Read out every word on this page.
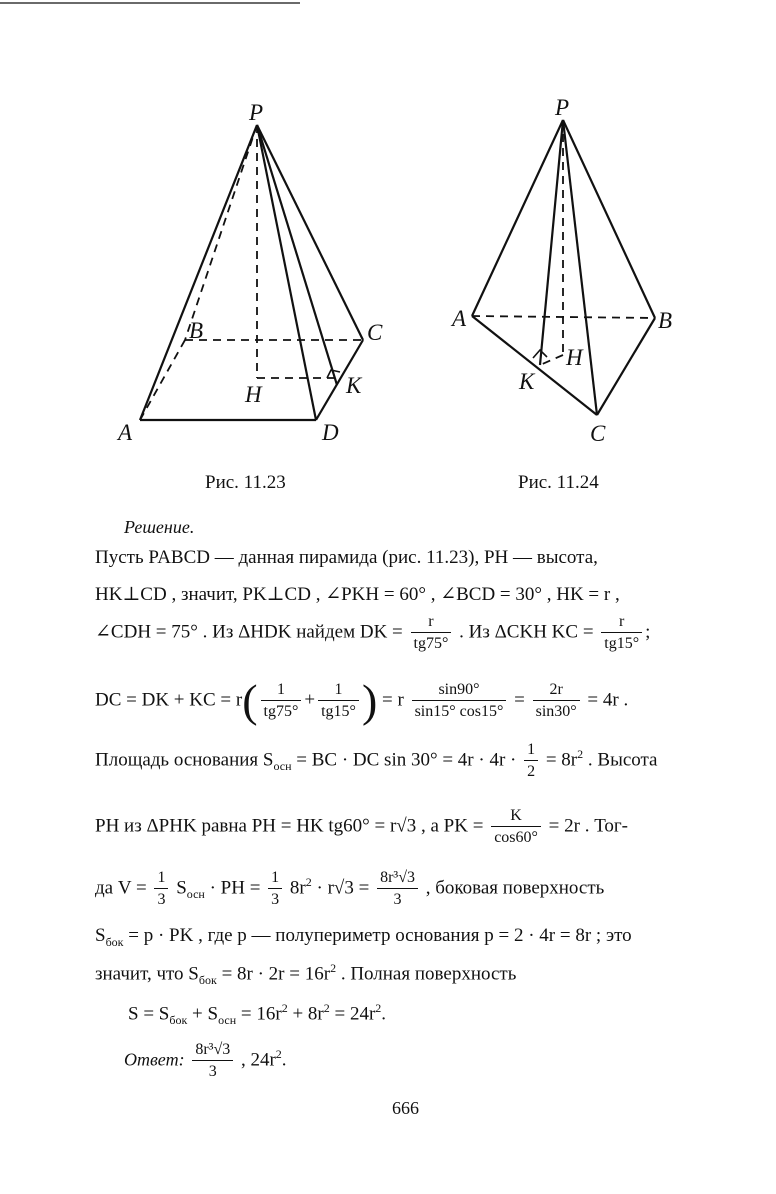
P
B	C
H	K
A	D
P
A	B
H
K
C
Рис. 11.23	Рис. 11.24
Решение.
Пусть PABCD — данная пирамида (рис. 11.23), PH — высота,
HK⊥CD , значит, PK⊥CD , ∠PKH = 60° , ∠BCD = 30° , HK = r ,
∠CDH = 75° . Из ΔHDK найдем DK = $\frac{r}{tg75^\circ}$ . Из ΔCKH KC = $\frac{r}{tg15^\circ}$ ;
DC = DK + KC = $r( \frac{1}{tg75^\circ} + \frac{1}{tg15^\circ}$ ) = r $\frac{\sin 90^\circ}{\sin 15^\circ \cos 15^\circ} = \frac{2r}{\sin 30^\circ} = 4r$ .
Площадь основания $S_{осн}$ = BC · DC $\sin 30^\circ = 4r \cdot 4r \cdot \frac{1}{2} = 8r^2$ . Высота
PH из ΔPHK равна PH = HK tg60° = r√3 , а PK = $\frac{K}{\cos 60^\circ} = 2r$ . Тог-
да $V = \frac{1}{3} S_{осн}$ · PH = $\frac{1}{3} 8r^2 \cdot r√3 = \frac{\text{8r³√3}}{3}$ , боковая поверхность
$S_{бок} = p$ · PK , где p — полупериметр основания p = 2 · 4r = 8r ; это
значит, что $S_{бок} = 8r \cdot 2r = 16r^2$ . Полная поверхность
$S = S_{бок} + S_{осн} = 16r^2 + 8r^2 = 24r^2$.
Ответ: $\frac{\text{8r³√3}}{3}$ , $24r^2$.
666
